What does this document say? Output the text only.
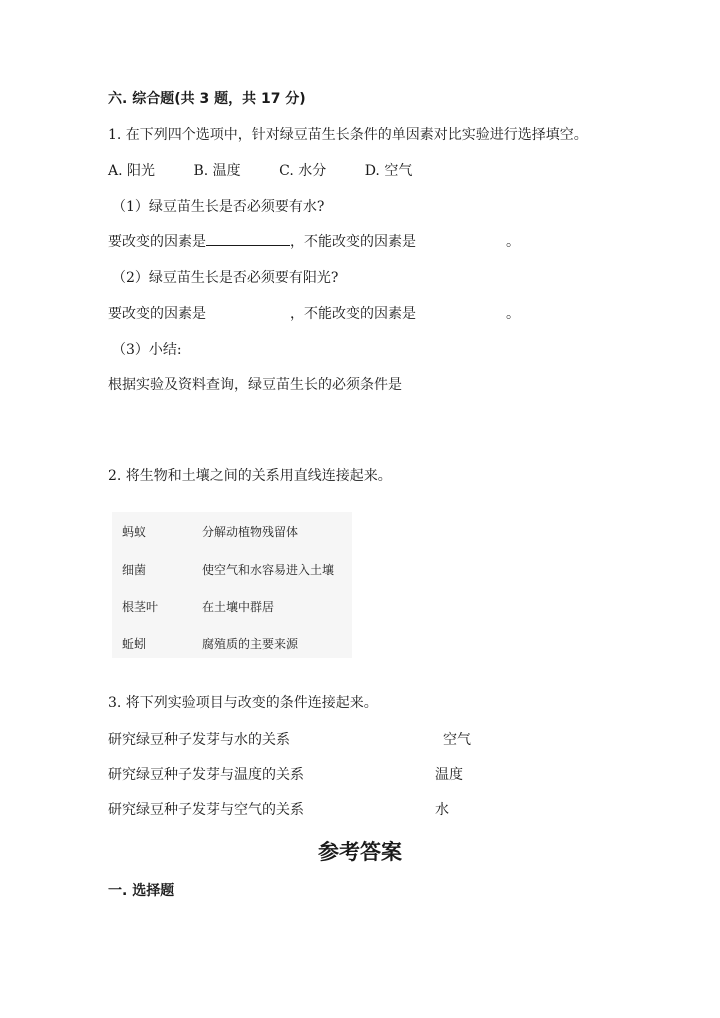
六. 综合题(共 3 题，共 17 分)
1. 在下列四个选项中，针对绿豆苗生长条件的单因素对比实验进行选择填空。
A. 阳光	B. 温度	C. 水分	D. 空气
（1）绿豆苗生长是否必须要有水?
要改变的因素是	，不能改变的因素是	。
（2）绿豆苗生长是否必须要有阳光?
要改变的因素是	，不能改变的因素是	。
（3）小结:
根据实验及资料查询，绿豆苗生长的必须条件是
2. 将生物和土壤之间的关系用直线连接起来。
蚂蚁	分解动植物残留体
细菌	使空气和水容易进入土壤
根茎叶	在土壤中群居
蚯蚓	腐殖质的主要来源
3. 将下列实验项目与改变的条件连接起来。
研究绿豆种子发芽与水的关系	空气
研究绿豆种子发芽与温度的关系	温度
研究绿豆种子发芽与空气的关系	水
参考答案
一. 选择题
